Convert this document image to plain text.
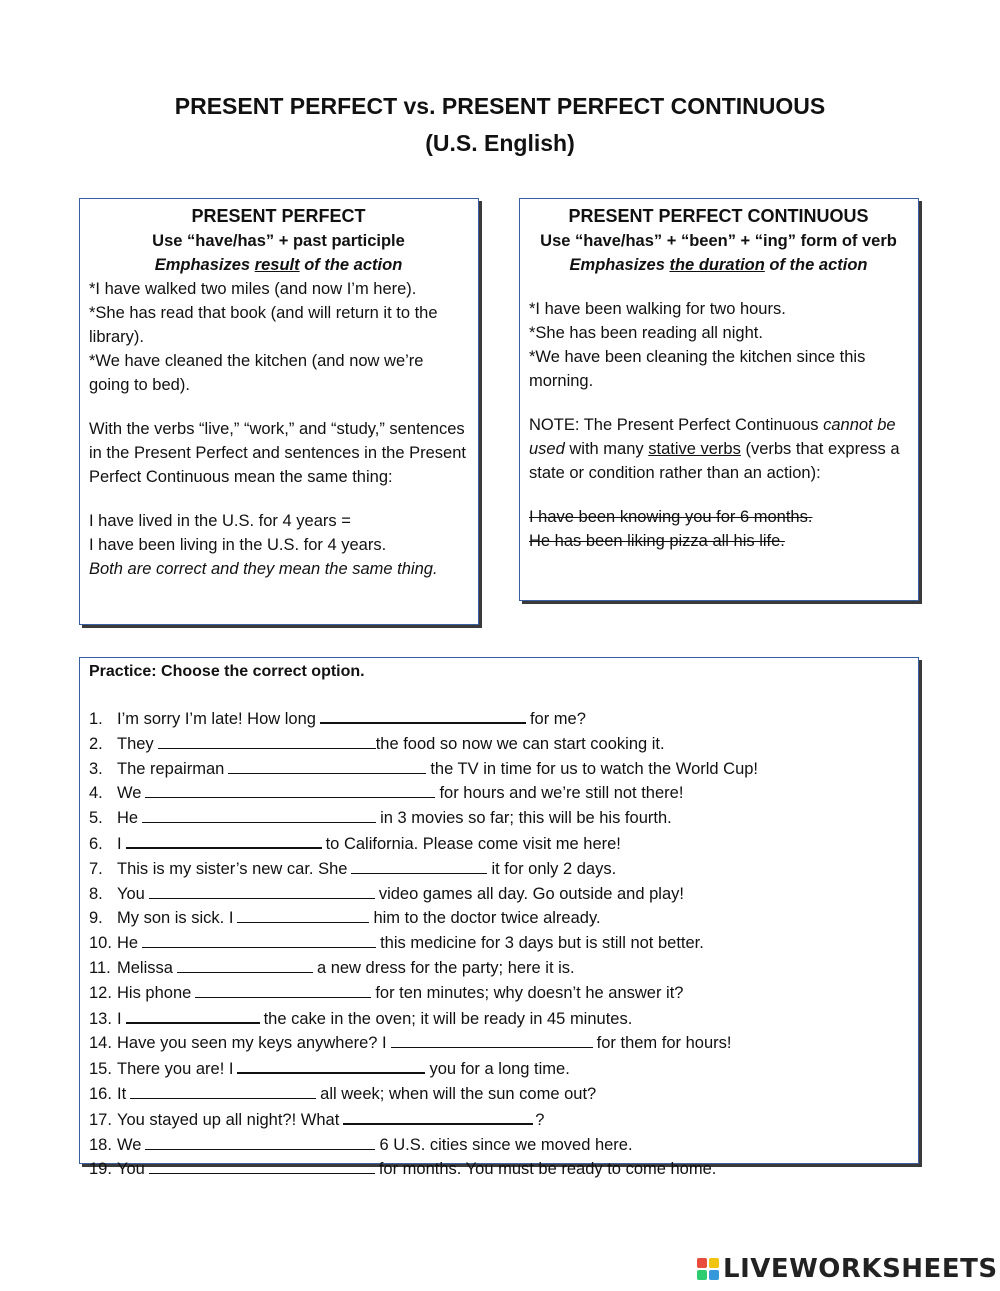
PRESENT PERFECT vs. PRESENT PERFECT CONTINUOUS
(U.S. English)
PRESENT PERFECT
Use “have/has” + past participle
Emphasizes result of the action

*I have walked two miles (and now I’m here).

*She has read that book (and will return it to the library).

*We have cleaned the kitchen (and now we’re going to bed).

With the verbs “live,” “work,” and “study,” sentences in the Present Perfect and sentences in the Present Perfect Continuous mean the same thing:

I have lived in the U.S. for 4 years =

I have been living in the U.S. for 4 years.

Both are correct and they mean the same thing.

PRESENT PERFECT CONTINUOUS
Use “have/has” + “been” + “ing” form of verb
Emphasizes the duration of the action

*I have been walking for two hours.

*She has been reading all night.

*We have been cleaning the kitchen since this morning.

NOTE: The Present Perfect Continuous cannot be used with many stative verbs (verbs that express a state or condition rather than an action):

I have been knowing you for 6 months.

He has been liking pizza all his life.

Practice: Choose the correct option.
1. I’m sorry I’m late! How long	for me?
2. They	the food so now we can start cooking it.
3. The repairman	the TV in time for us to watch the World Cup!
4. We	for hours and we’re still not there!
5. He	in 3 movies so far; this will be his fourth.
6. I	to California. Please come visit me here!
7. This is my sister’s new car. She	it for only 2 days.
8. You	video games all day. Go outside and play!
9. My son is sick. I	him to the doctor twice already.
10. He	this medicine for 3 days but is still not better.
11. Melissa	a new dress for the party; here it is.
12. His phone	for ten minutes; why doesn’t he answer it?
13. I	the cake in the oven; it will be ready in 45 minutes.
14. Have you seen my keys anywhere? I	for them for hours!
15. There you are! I	you for a long time.
16. It	all week; when will the sun come out?
17. You stayed up all night?! What	?
18. We	6 U.S. cities since we moved here.
19. You	for months. You must be ready to come home.
LIVEWORKSHEETS
